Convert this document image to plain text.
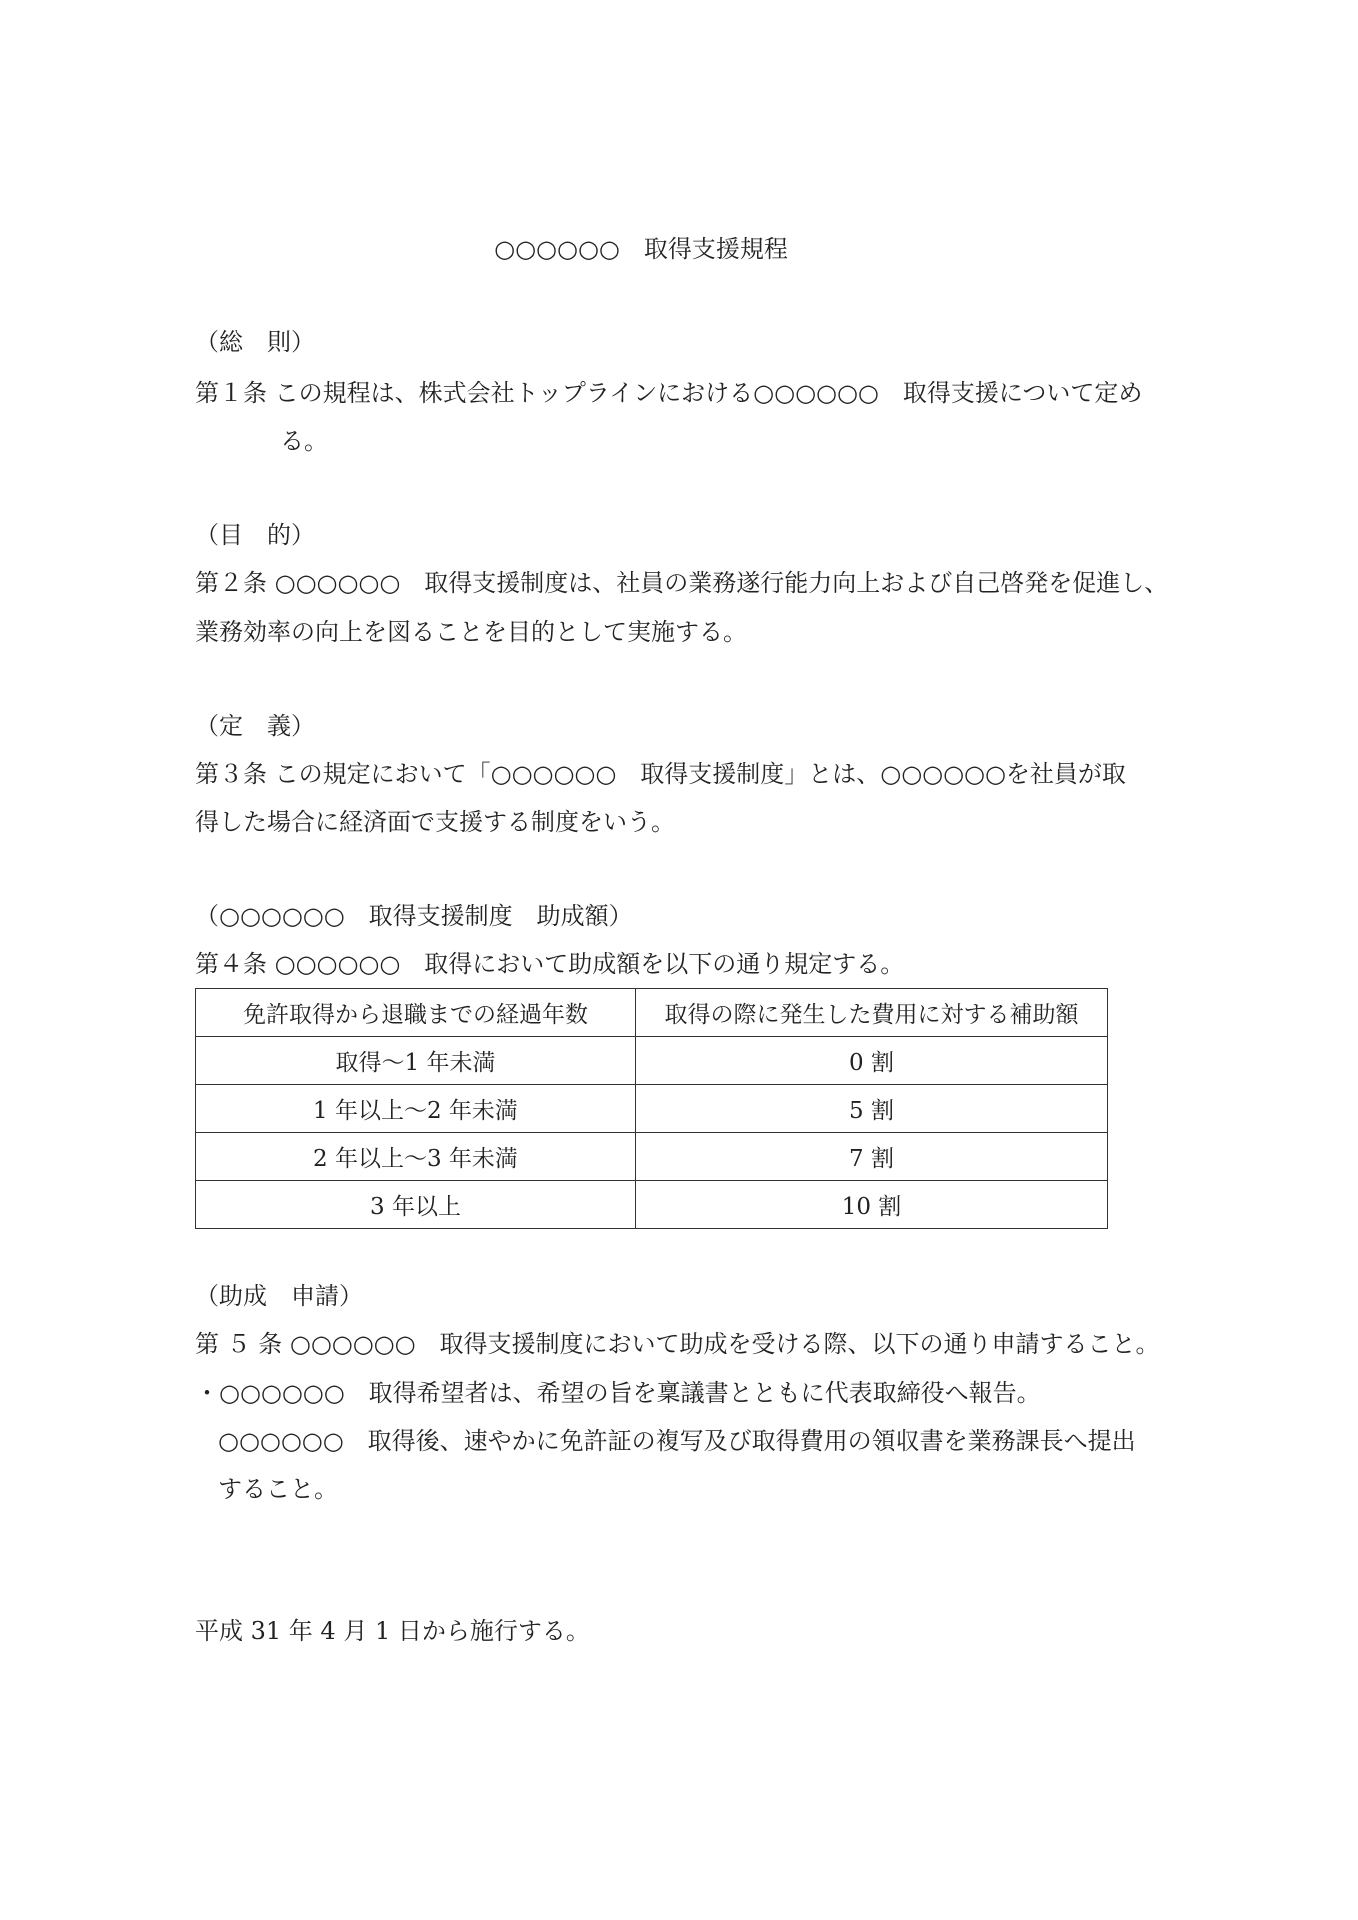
○○○○○○　取得支援規程
（総　則）
第１条 この規程は、株式会社トップラインにおける○○○○○○　取得支援について定め
る。
（目　的）
第２条 ○○○○○○　取得支援制度は、社員の業務遂行能力向上および自己啓発を促進し、
業務効率の向上を図ることを目的として実施する。
（定　義）
第３条 この規定において「○○○○○○　取得支援制度」とは、○○○○○○を社員が取
得した場合に経済面で支援する制度をいう。
（○○○○○○　取得支援制度　助成額）
第４条 ○○○○○○　取得において助成額を以下の通り規定する。
免許取得から退職までの経過年数	取得の際に発生した費用に対する補助額
取得～1 年未満	0 割
1 年以上～2 年未満	5 割
2 年以上～3 年未満	7 割
3 年以上	10 割
（助成　申請）
第 ５ 条 ○○○○○○　取得支援制度において助成を受ける際、以下の通り申請すること。
・○○○○○○　取得希望者は、希望の旨を稟議書とともに代表取締役へ報告。
○○○○○○　取得後、速やかに免許証の複写及び取得費用の領収書を業務課長へ提出
すること。
平成 31 年 4 月 1 日から施行する。
